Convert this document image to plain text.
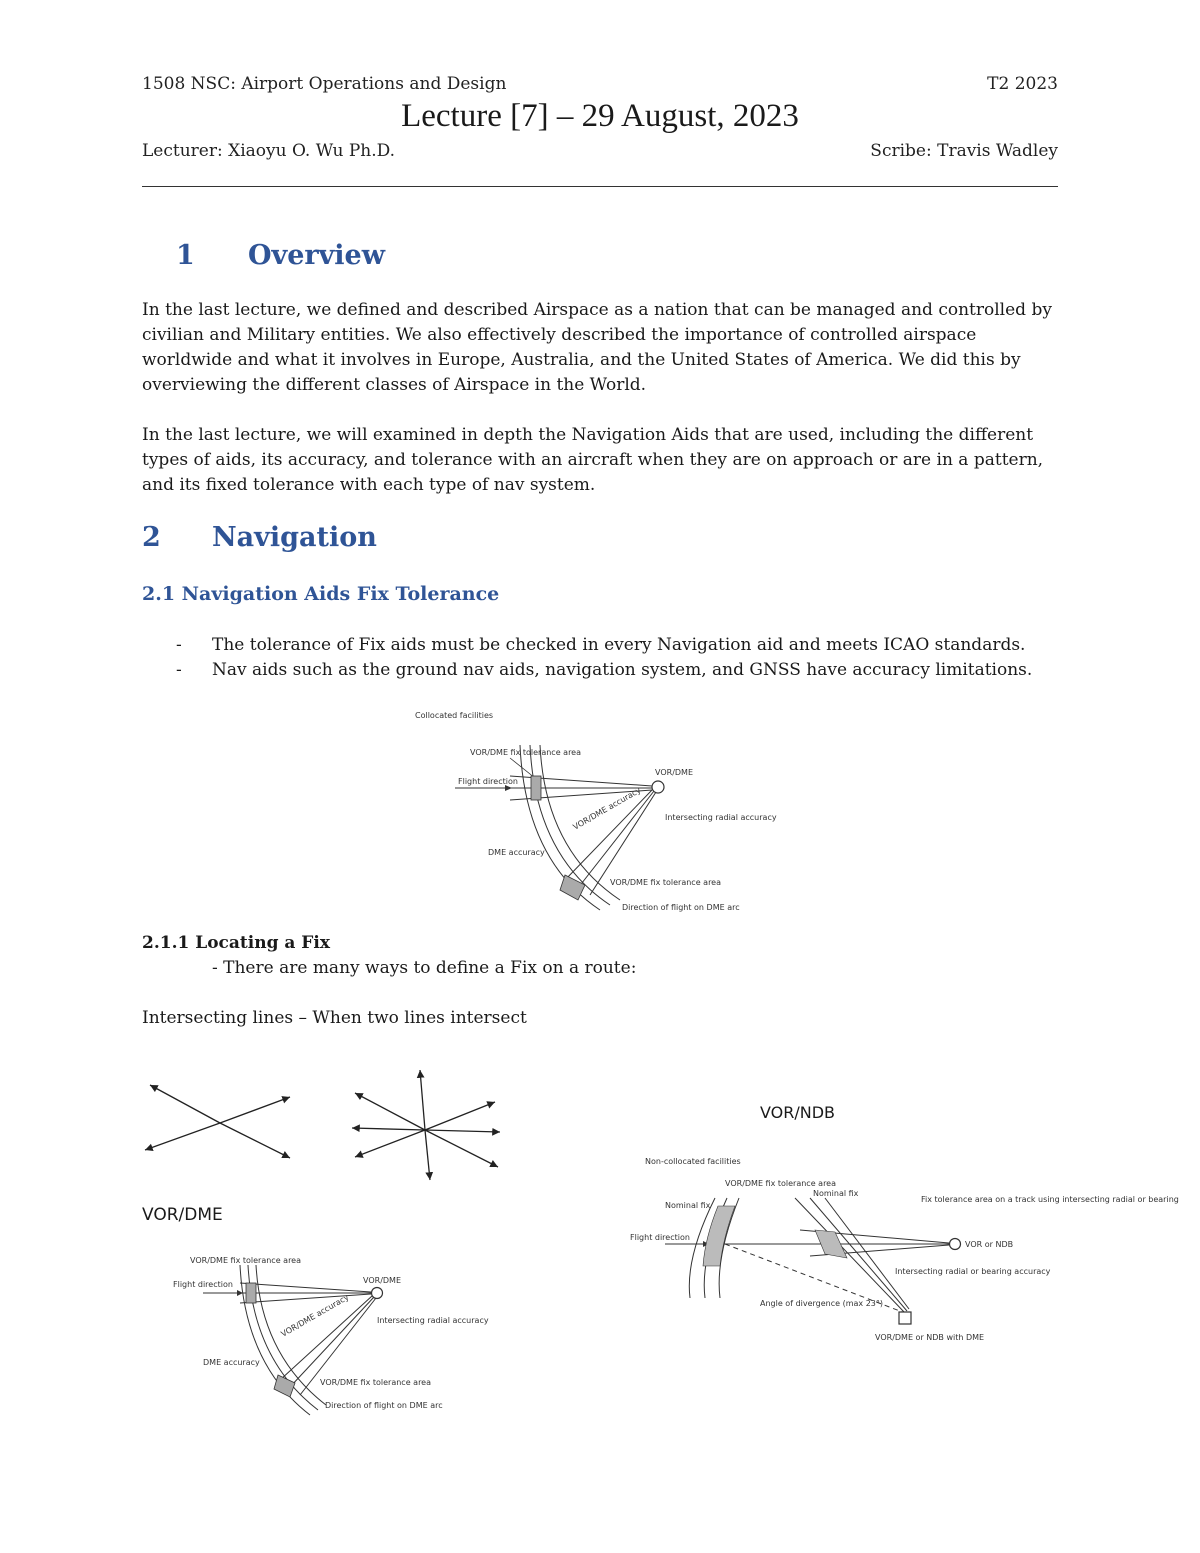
1508 NSC: Airport Operations and Design	T2 2023
Lecture [7] – 29 August, 2023
Lecturer: Xiaoyu O. Wu Ph.D.	Scribe: Travis Wadley
1 Overview
In the last lecture, we defined and described Airspace as a nation that can be managed and controlled by
civilian and Military entities. We also effectively described the importance of controlled airspace
worldwide and what it involves in Europe, Australia, and the United States of America. We did this by
overviewing the different classes of Airspace in the World.
In the last lecture, we will examined in depth the Navigation Aids that are used, including the different
types of aids, its accuracy, and tolerance with an aircraft when they are on approach or are in a pattern,
and its fixed tolerance with each type of nav system.
2 Navigation
2.1 Navigation Aids Fix Tolerance
- The tolerance of Fix aids must be checked in every Navigation aid and meets ICAO standards.
- Nav aids such as the ground nav aids, navigation system, and GNSS have accuracy limitations.
Collocated facilities
VOR/DME fix tolerance area
Flight direction
VOR/DME
Intersecting radial accuracy
DME accuracy
VOR/DME accuracy
VOR/DME fix tolerance area
Direction of flight on DME arc
2.1.1 Locating a Fix
- There are many ways to define a Fix on a route:
Intersecting lines – When two lines intersect
VOR/DME
VOR/NDB
VOR/DME fix tolerance area
Flight direction	VOR/DME
Intersecting radial accuracy
DME accuracy
VOR/DME accuracy
VOR/DME fix tolerance area
Direction of flight on DME arc
Non-collocated facilities
VOR/DME fix tolerance area
Nominal fix
Nominal fix
Fix tolerance area on a track using intersecting radial or bearing
Flight direction
VOR or NDB
Intersecting radial or bearing accuracy
Angle of divergence (max 23°)
VOR/DME or NDB with DME
